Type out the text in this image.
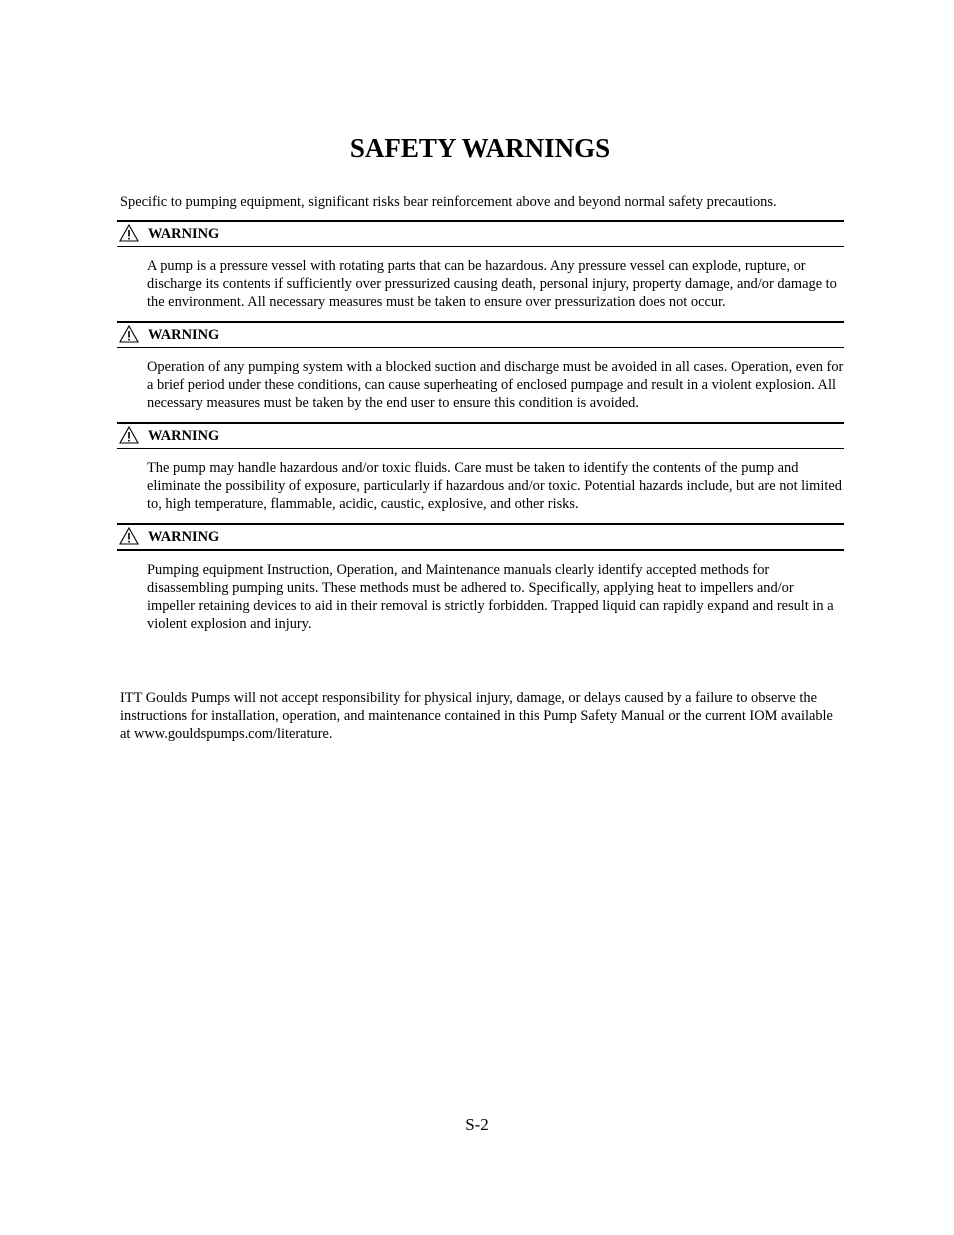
SAFETY WARNINGS

Specific to pumping equipment, significant risks bear reinforcement above and beyond normal safety precautions.

WARNING

A pump is a pressure vessel with rotating parts that can be hazardous. Any pressure vessel can explode, rupture, or discharge its contents if sufficiently over pressurized causing death, personal injury, property damage, and/or damage to the environment. All necessary measures must be taken to ensure over pressurization does not occur.

WARNING

Operation of any pumping system with a blocked suction and discharge must be avoided in all cases. Operation, even for a brief period under these conditions, can cause superheating of enclosed pumpage and result in a violent explosion. All necessary measures must be taken by the end user to ensure this condition is avoided.

WARNING

The pump may handle hazardous and/or toxic fluids. Care must be taken to identify the contents of the pump and eliminate the possibility of exposure, particularly if hazardous and/or toxic. Potential hazards include, but are not limited to, high temperature, flammable, acidic, caustic, explosive, and other risks.

WARNING

Pumping equipment Instruction, Operation, and Maintenance manuals clearly identify accepted methods for disassembling pumping units. These methods must be adhered to. Specifically, applying heat to impellers and/or impeller retaining devices to aid in their removal is strictly forbidden. Trapped liquid can rapidly expand and result in a violent explosion and injury.

ITT Goulds Pumps will not accept responsibility for physical injury, damage, or delays caused by a failure to observe the instructions for installation, operation, and maintenance contained in this Pump Safety Manual or the current IOM available at www.gouldspumps.com/literature.

S-2
